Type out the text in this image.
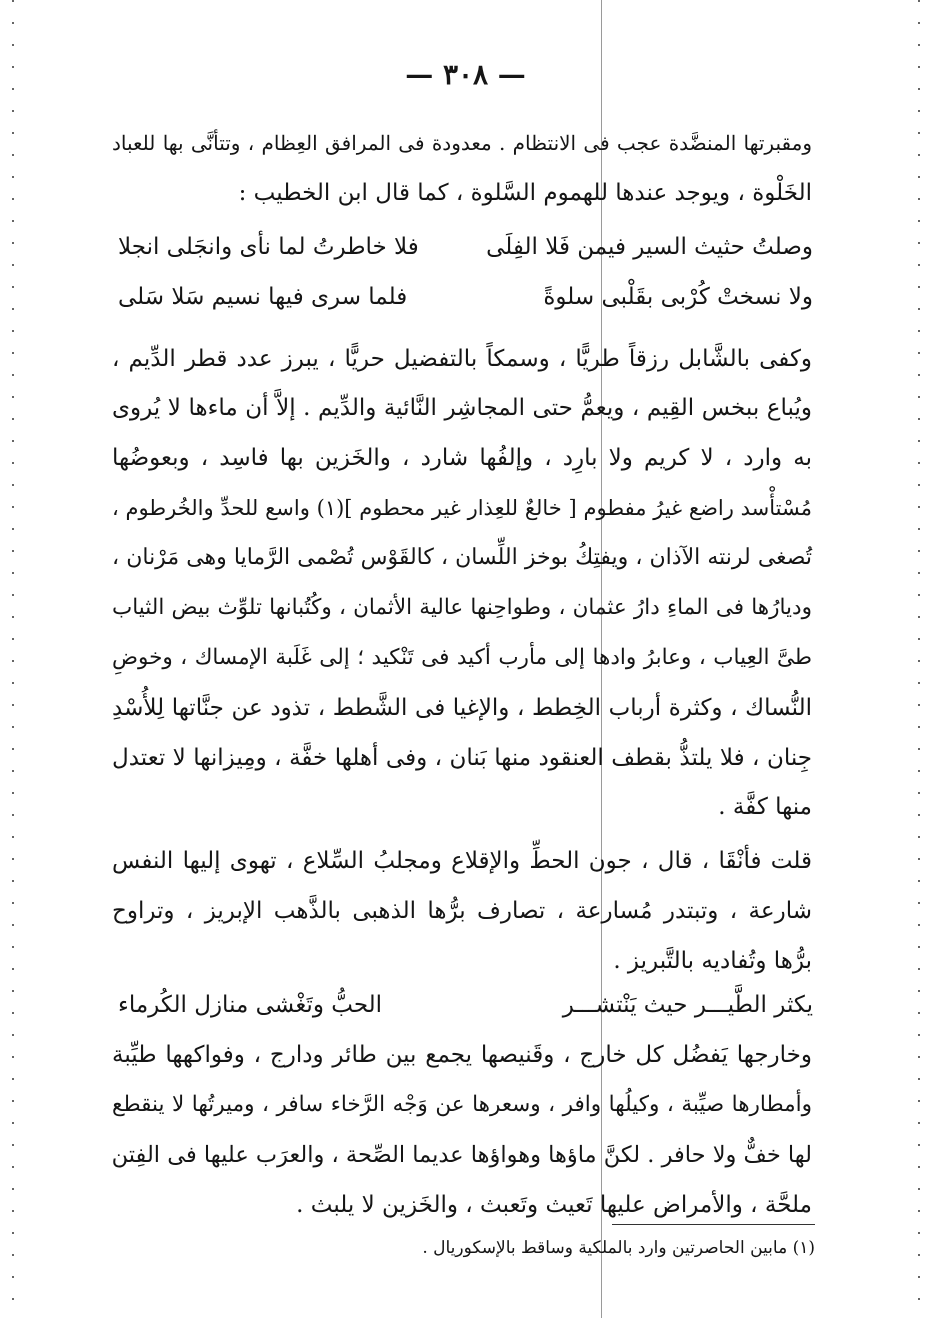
— ٣٠٨ —
ومقبرتها المنضَّدة عجب فى الانتظام . معدودة فى المرافق العِظام ، وتتأنَّى بها للعباد
الخَلْوة ، ويوجد عندها للهموم السَّلوة ، كما قال ابن الخطيب :
وصلتُ حثيث السير فيمن فَلا الفِلَى
فلا خاطرتُ لما نأى وانجَلى انجلا
ولا نسختْ كُرْبى بقَلْبى سلوةً
فلما سرى فيها نسيم سَلا سَلى
وكفى بالشَّابل رزقاً طريًّا ، وسمكاً بالتفضيل حريًّا ، يبرز عدد قطر الدِّيم ،
ويُباع ببخس القِيم ، ويعمُّ حتى المجاشِر النَّائية والدِّيم . إلاَّ أن ماءها لا يُروى
به وارد ، لا كريم ولا بارِد ، وإلفُها شارد ، والخَزين بها فاسِد ، وبعوضُها
مُسْتأْسد راضع غيرُ مفطوم [ خالعٌ للعِذار غير محطوم ](١) واسع للحدِّ والخُرطوم ،
تُصغى لرنته الآذان ، ويفتِكُ بوخز اللِّسان ، كالقَوْس تُصْمى الرَّمايا وهى مَرْنان ،
وديارُها فى الماءِ دارُ عثمان ، وطواحِنها عالية الأثمان ، وكُتُبانها تلوِّث بيض الثياب
طىَّ العِياب ، وعابرُ وادها إلى مأرب أكيد فى تَنْكيد ؛ إلى غَلَبة الإمساك ، وخوضِ
النُّساك ، وكثرة أرباب الخِطط ، والإغيا فى الشَّطط ، تذود عن جنَّاتها لِلأُسْدِ
جِنان ، فلا يلتذُّ بقطف العنقود منها بَنان ، وفى أهلها خفَّة ، ومِيزانها لا تعتدل
منها كفَّة .
قلت فأنْقَا ، قال ، جون الحطِّ والإقلاع ومجلبُ السِّلاع ، تهوى إليها النفس
شارعة ، وتبتدر مُسارعة ، تصارف برُّها الذهبى بالذَّهب الإبريز ، وتراوح
برُّها وتُفاديه بالتَّبريز .
يكثر الطَّيـــر حيث يَنْتشـــر
الحبُّ وتَغْشى منازل الكُرماء
وخارجها يَفضُل كل خارج ، وقَنيصها يجمع بين طائر ودارج ، وفواكهها طيِّبة
وأمطارها صيِّبة ، وكيلُها وافر ، وسعرها عن وَجْه الرَّخاء سافر ، وميرتُها لا ينقطع
لها خفٌّ ولا حافر . لكنَّ ماؤها وهواؤها عديما الصِّحة ، والعرَب عليها فى الفِتن
ملحَّة ، والأمراض عليها تَعيث وتَعبث ، والخَزين لا يلبث .
(١) مابين الحاصرتين وارد بالملكية وساقط بالإسكوريال .
